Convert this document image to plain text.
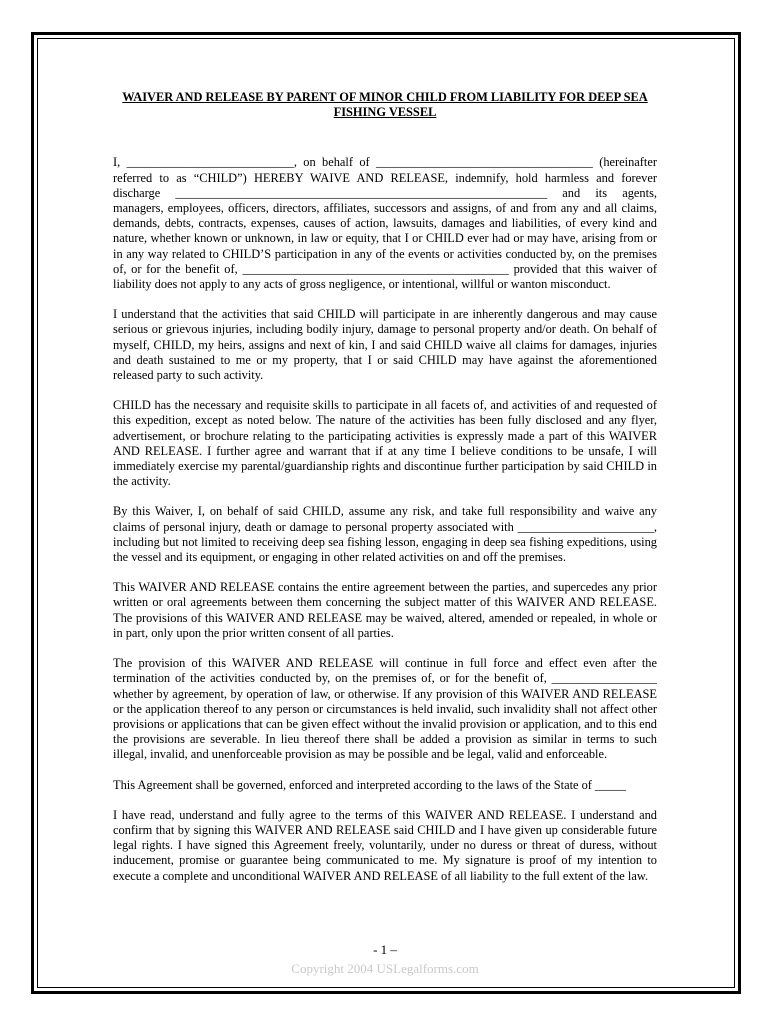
WAIVER AND RELEASE BY PARENT OF MINOR CHILD FROM LIABILITY FOR DEEP SEA FISHING VESSEL

I, ___________________________, on behalf of ___________________________________ (hereinafter referred to as “CHILD”) HEREBY WAIVE AND RELEASE, indemnify, hold harmless and forever discharge ____________________________________________________________ and its agents, managers, employees, officers, directors, affiliates, successors and assigns, of and from any and all claims, demands, debts, contracts, expenses, causes of action, lawsuits, damages and liabilities, of every kind and nature, whether known or unknown, in law or equity, that I or CHILD ever had or may have, arising from or in any way related to CHILD’S participation in any of the events or activities conducted by, on the premises of, or for the benefit of, ___________________________________________ provided that this waiver of liability does not apply to any acts of gross negligence, or intentional, willful or wanton misconduct.

I understand that the activities that said CHILD will participate in are inherently dangerous and may cause serious or grievous injuries, including bodily injury, damage to personal property and/or death. On behalf of myself, CHILD, my heirs, assigns and next of kin, I and said CHILD waive all claims for damages, injuries and death sustained to me or my property, that I or said CHILD may have against the aforementioned released party to such activity.

CHILD has the necessary and requisite skills to participate in all facets of, and activities of and requested of this expedition, except as noted below. The nature of the activities has been fully disclosed and any flyer, advertisement, or brochure relating to the participating activities is expressly made a part of this WAIVER AND RELEASE. I further agree and warrant that if at any time I believe conditions to be unsafe, I will immediately exercise my parental/guardianship rights and discontinue further participation by said CHILD in the activity.

By this Waiver, I, on behalf of said CHILD, assume any risk, and take full responsibility and waive any claims of personal injury, death or damage to personal property associated with ______________________, including but not limited to receiving deep sea fishing lesson, engaging in deep sea fishing expeditions, using the vessel and its equipment, or engaging in other related activities on and off the premises.

This WAIVER AND RELEASE contains the entire agreement between the parties, and supercedes any prior written or oral agreements between them concerning the subject matter of this WAIVER AND RELEASE. The provisions of this WAIVER AND RELEASE may be waived, altered, amended or repealed, in whole or in part, only upon the prior written consent of all parties.

The provision of this WAIVER AND RELEASE will continue in full force and effect even after the termination of the activities conducted by, on the premises of, or for the benefit of, _________________ whether by agreement, by operation of law, or otherwise. If any provision of this WAIVER AND RELEASE or the application thereof to any person or circumstances is held invalid, such invalidity shall not affect other provisions or applications that can be given effect without the invalid provision or application, and to this end the provisions are severable. In lieu thereof there shall be added a provision as similar in terms to such illegal, invalid, and unenforceable provision as may be possible and be legal, valid and enforceable.

This Agreement shall be governed, enforced and interpreted according to the laws of the State of _____

I have read, understand and fully agree to the terms of this WAIVER AND RELEASE. I understand and confirm that by signing this WAIVER AND RELEASE said CHILD and I have given up considerable future legal rights. I have signed this Agreement freely, voluntarily, under no duress or threat of duress, without inducement, promise or guarantee being communicated to me. My signature is proof of my intention to execute a complete and unconditional WAIVER AND RELEASE of all liability to the full extent of the law.

- 1 –
Copyright 2004 USLegalforms.com
